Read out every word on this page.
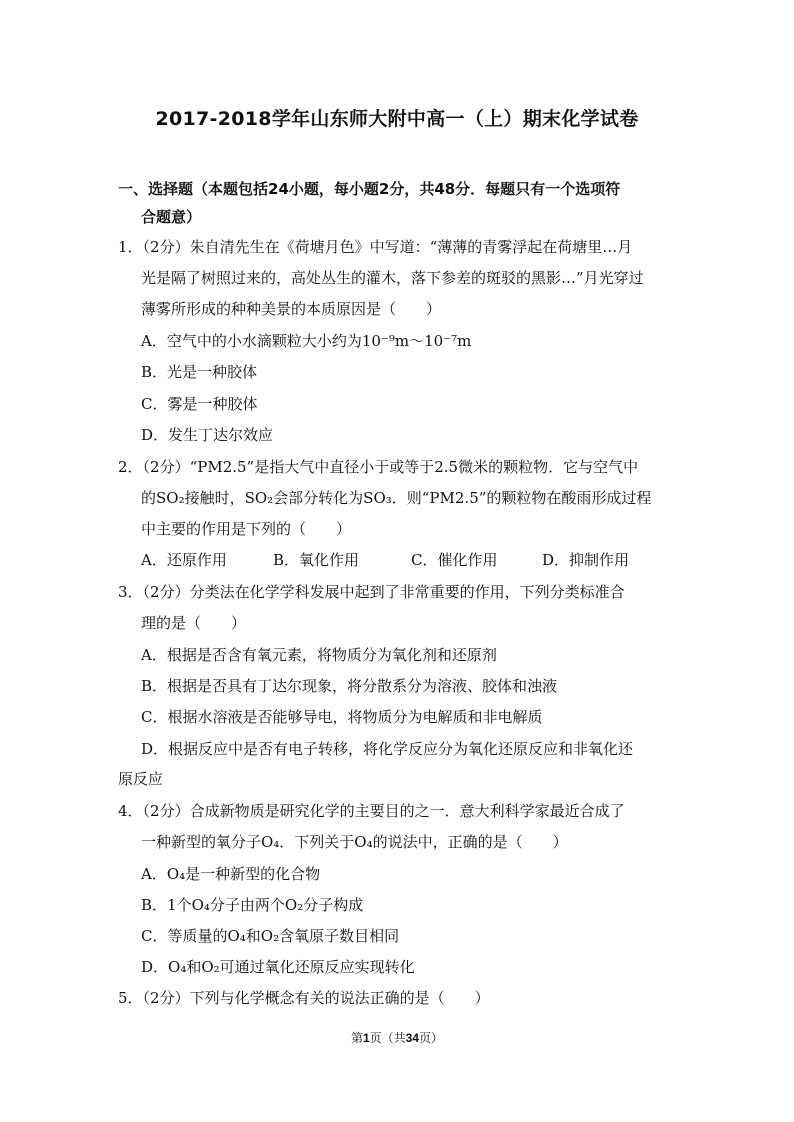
2017-2018学年山东师大附中高一（上）期末化学试卷
一、选择题（本题包括24小题，每小题2分，共48分．每题只有一个选项符
合题意）
1．（2分）朱自清先生在《荷塘月色》中写道：“薄薄的青雾浮起在荷塘里…月
光是隔了树照过来的，高处丛生的灌木，落下参差的斑驳的黑影…”月光穿过
薄雾所形成的种种美景的本质原因是（　　）
A．空气中的小水滴颗粒大小约为10⁻⁹m～10⁻⁷m
B．光是一种胶体
C．雾是一种胶体
D．发生丁达尔效应
2．（2分）“PM2.5”是指大气中直径小于或等于2.5微米的颗粒物．它与空气中
的SO₂接触时，SO₂会部分转化为SO₃．则“PM2.5”的颗粒物在酸雨形成过程
中主要的作用是下列的（　　）
A．还原作用	B．氧化作用	C．催化作用	D．抑制作用
3．（2分）分类法在化学学科发展中起到了非常重要的作用，下列分类标准合
理的是（　　）
A．根据是否含有氧元素，将物质分为氧化剂和还原剂
B．根据是否具有丁达尔现象，将分散系分为溶液、胶体和浊液
C．根据水溶液是否能够导电，将物质分为电解质和非电解质
D．根据反应中是否有电子转移，将化学反应分为氧化还原反应和非氧化还
原反应
4．（2分）合成新物质是研究化学的主要目的之一．意大利科学家最近合成了
一种新型的氧分子O₄．下列关于O₄的说法中，正确的是（　　）
A．O₄是一种新型的化合物
B．1个O₄分子由两个O₂分子构成
C．等质量的O₄和O₂含氧原子数目相同
D．O₄和O₂可通过氧化还原反应实现转化
5．（2分）下列与化学概念有关的说法正确的是（　　）
第1页（共34页）
